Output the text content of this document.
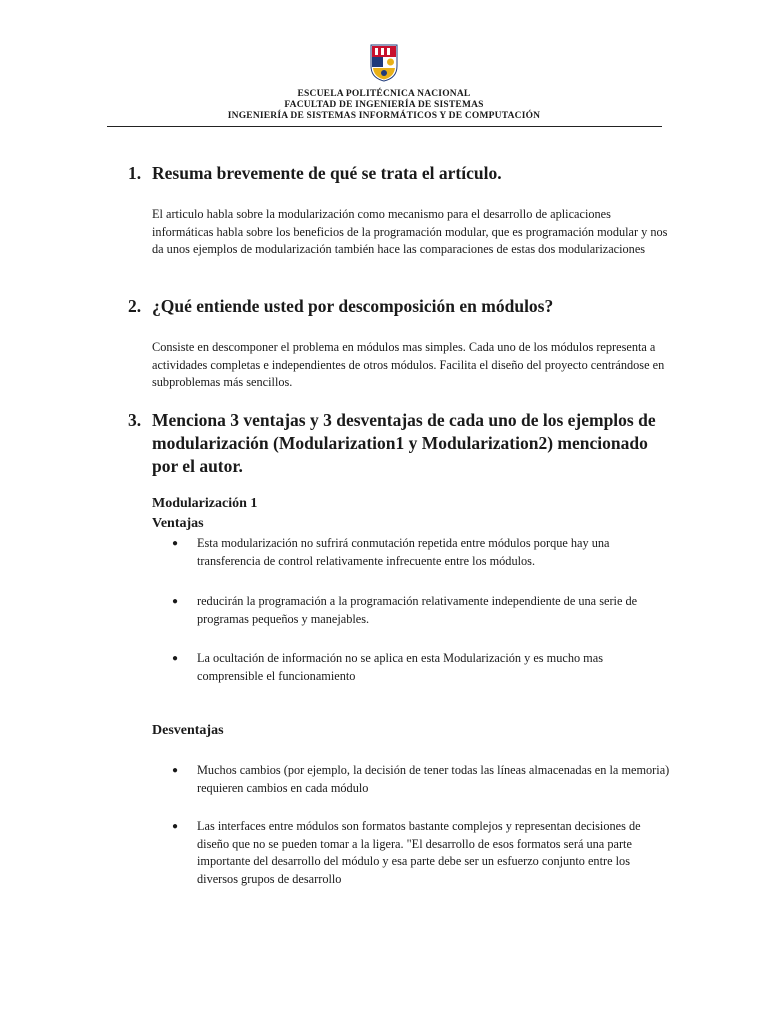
ESCUELA POLITÉCNICA NACIONAL
FACULTAD DE INGENIERÍA DE SISTEMAS
INGENIERÍA DE SISTEMAS INFORMÁTICOS Y DE COMPUTACIÓN
1. Resuma brevemente de qué se trata el artículo.
El articulo habla sobre la modularización como mecanismo para el desarrollo de aplicaciones informáticas habla sobre los beneficios de la programación modular, que es programación modular y nos da unos ejemplos de modularización también hace las comparaciones de estas dos modularizaciones
2. ¿Qué entiende usted por descomposición en módulos?
Consiste en descomponer el problema en módulos mas simples. Cada uno de los módulos representa a actividades completas e independientes de otros módulos. Facilita el diseño del proyecto centrándose en subproblemas más sencillos.
3. Menciona 3 ventajas y 3 desventajas de cada uno de los ejemplos de modularización (Modularization1 y Modularization2) mencionado por el autor.
Modularización 1
Ventajas
● Esta modularización no sufrirá conmutación repetida entre módulos porque hay una transferencia de control relativamente infrecuente entre los módulos.
● reducirán la programación a la programación relativamente independiente de una serie de programas pequeños y manejables.
● La ocultación de información no se aplica en esta Modularización y es mucho mas comprensible el funcionamiento
Desventajas
● Muchos cambios (por ejemplo, la decisión de tener todas las líneas almacenadas en la memoria) requieren cambios en cada módulo
● Las interfaces entre módulos son formatos bastante complejos y representan decisiones de diseño que no se pueden tomar a la ligera. "El desarrollo de esos formatos será una parte importante del desarrollo del módulo y esa parte debe ser un esfuerzo conjunto entre los diversos grupos de desarrollo
